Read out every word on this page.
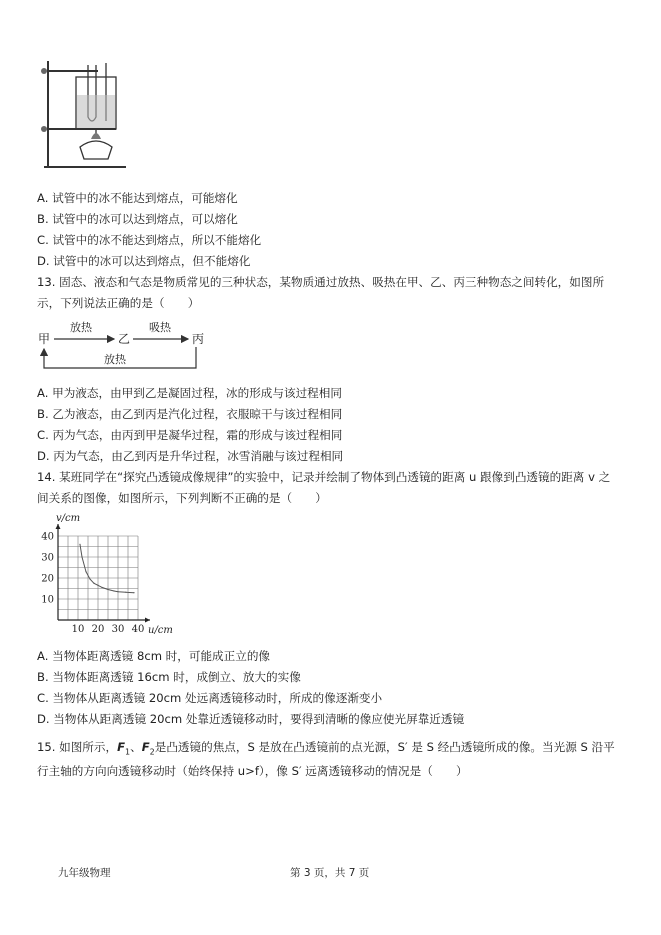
A. 试管中的冰不能达到熔点，可能熔化
B. 试管中的冰可以达到熔点，可以熔化
C. 试管中的冰不能达到熔点，所以不能熔化
D. 试管中的冰可以达到熔点，但不能熔化
13. 固态、液态和气态是物质常见的三种状态，某物质通过放热、吸热在甲、乙、丙三种物态之间转化，如图所
示，下列说法正确的是（　　）
甲	乙	丙
放热	吸热
放热
A. 甲为液态，由甲到乙是凝固过程，冰的形成与该过程相同
B. 乙为液态，由乙到丙是汽化过程，衣服晾干与该过程相同
C. 丙为气态，由丙到甲是凝华过程，霜的形成与该过程相同
D. 丙为气态，由乙到丙是升华过程，冰雪消融与该过程相同
14. 某班同学在“探究凸透镜成像规律”的实验中，记录并绘制了物体到凸透镜的距离 u 跟像到凸透镜的距离 v 之
间关系的图像，如图所示，下列判断不正确的是（　　）
10 20 30 40
40
30
20
10
v/cm
u/cm
A. 当物体距离透镜 8cm 时，可能成正立的像
B. 当物体距离透镜 16cm 时，成倒立、放大的实像
C. 当物体从距离透镜 20cm 处远离透镜移动时，所成的像逐渐变小
D. 当物体从距离透镜 20cm 处靠近透镜移动时，要得到清晰的像应使光屏靠近透镜
15. 如图所示，$F_1$、$F_2$是凸透镜的焦点，S 是放在凸透镜前的点光源，S′ 是 S 经凸透镜所成的像。当光源 S 沿平
行主轴的方向向透镜移动时（始终保持 u>f），像 S′ 远离透镜移动的情况是（　　）
九年级物理	第 3 页，共 7 页
